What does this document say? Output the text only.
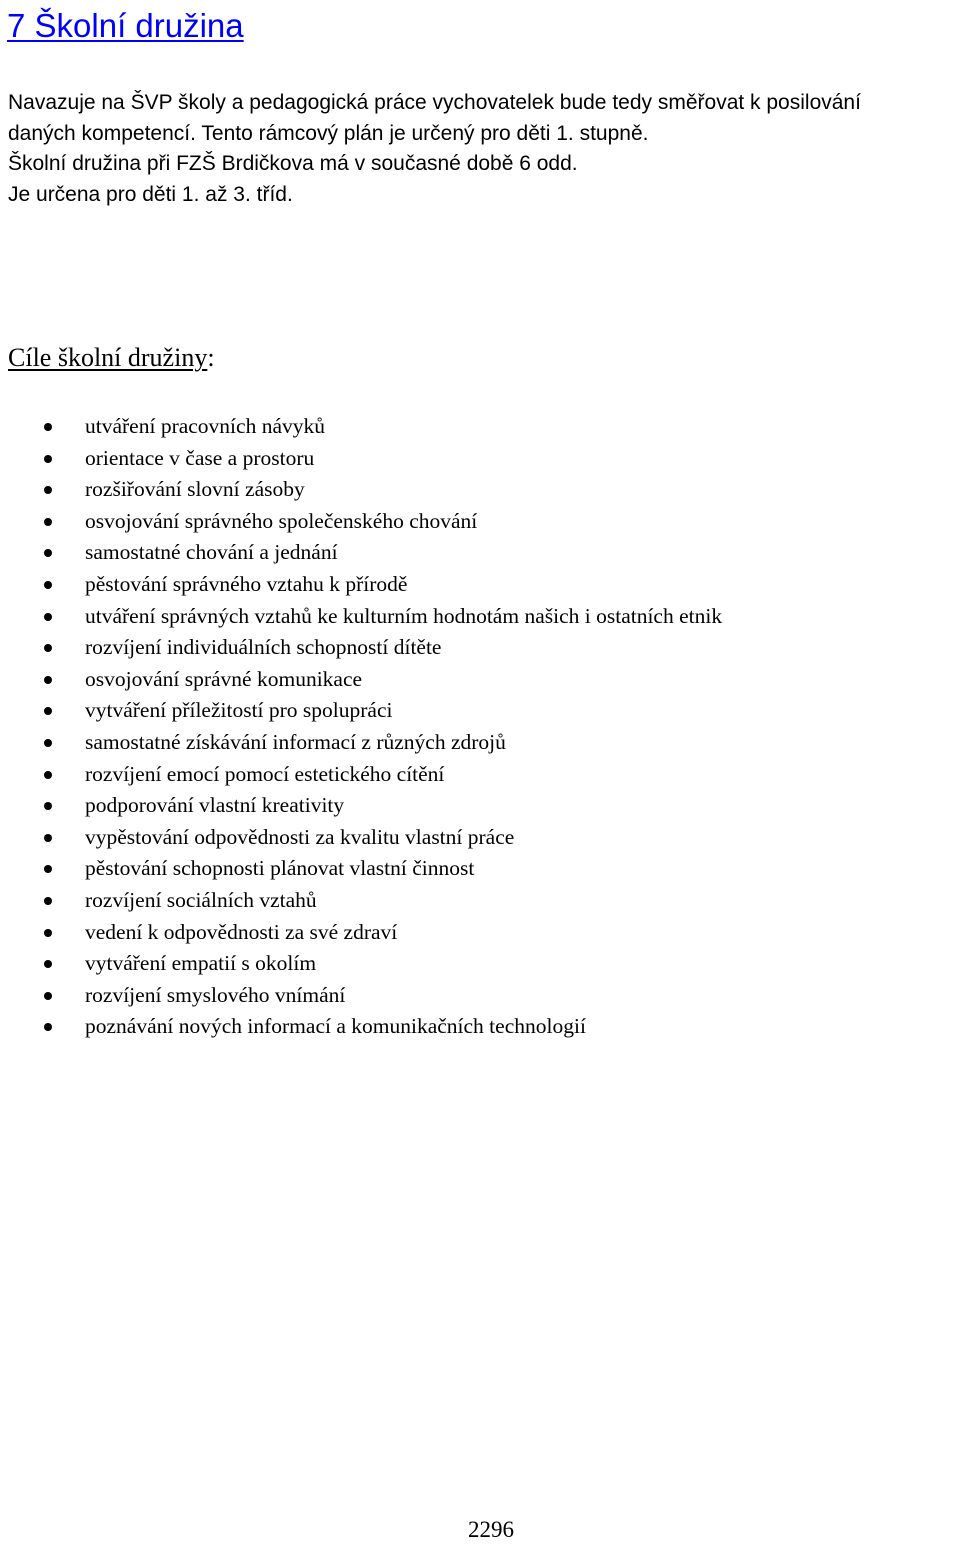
7 Školní družina

Navazuje na ŠVP školy a pedagogická práce vychovatelek bude tedy směřovat k posilování

daných kompetencí. Tento rámcový plán je určený pro děti 1. stupně.

Školní družina při FZŠ Brdičkova má v současné době 6 odd.

Je určena pro děti 1. až 3. tříd.

Cíle školní družiny:
utváření pracovních návyků
orientace v čase a prostoru
rozšiřování slovní zásoby
osvojování správného společenského chování
samostatné chování a jednání
pěstování správného vztahu k přírodě
utváření správných vztahů ke kulturním hodnotám našich i ostatních etnik
rozvíjení individuálních schopností dítěte
osvojování správné komunikace
vytváření příležitostí pro spolupráci
samostatné získávání informací z různých zdrojů
rozvíjení emocí pomocí estetického cítění
podporování vlastní kreativity
vypěstování odpovědnosti za kvalitu vlastní práce
pěstování schopnosti plánovat vlastní činnost
rozvíjení sociálních vztahů
vedení k odpovědnosti za své zdraví
vytváření empatií s okolím
rozvíjení smyslového vnímání
poznávání nových informací a komunikačních technologií
2296
